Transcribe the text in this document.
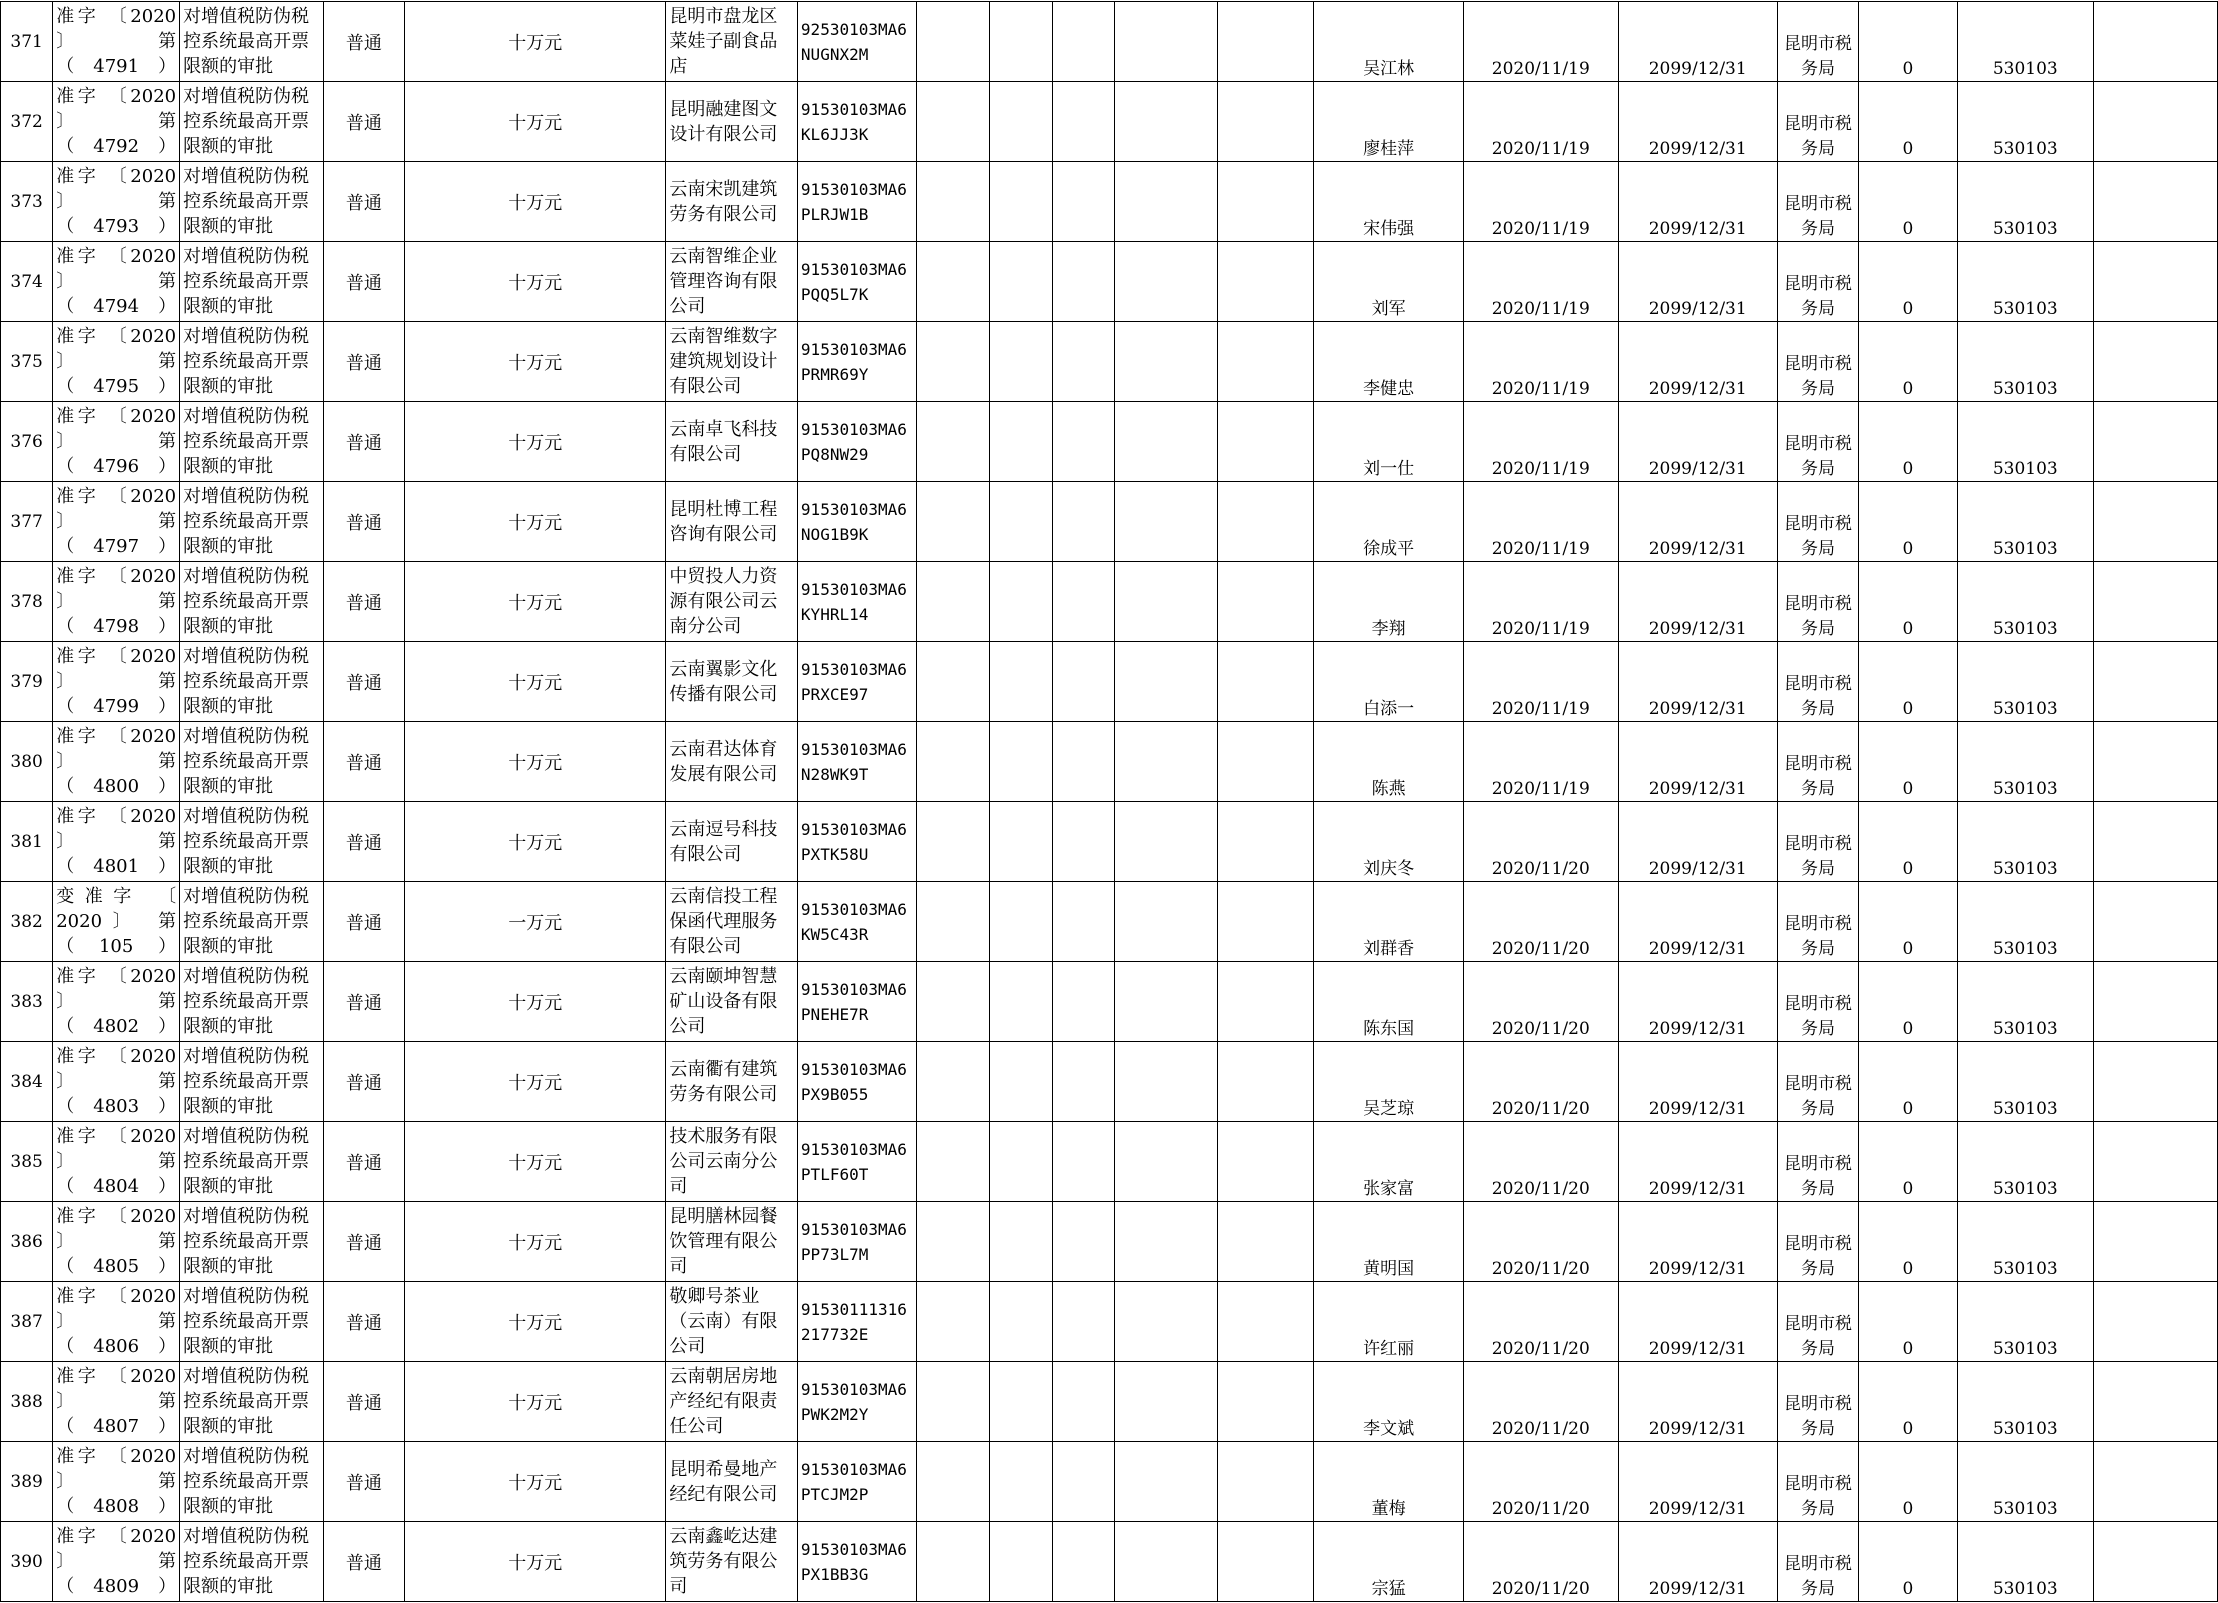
371	准字 〔2020
〕 第
（4791）	对增值税防伪税
控系统最高开票
限额的审批	普通	十万元	昆明市盘龙区
菜娃子副食品
店	92530103MA6
NUGNX2M						吴江林	2020/11/19	2099/12/31	昆明市税务局	0	530103	
372	准字 〔2020
〕 第
（4792）	对增值税防伪税
控系统最高开票
限额的审批	普通	十万元	昆明融建图文
设计有限公司	91530103MA6
KL6JJ3K						廖桂萍	2020/11/19	2099/12/31	昆明市税务局	0	530103	
373	准字 〔2020
〕 第
（4793）	对增值税防伪税
控系统最高开票
限额的审批	普通	十万元	云南宋凯建筑
劳务有限公司	91530103MA6
PLRJW1B						宋伟强	2020/11/19	2099/12/31	昆明市税务局	0	530103	
374	准字 〔2020
〕 第
（4794）	对增值税防伪税
控系统最高开票
限额的审批	普通	十万元	云南智维企业
管理咨询有限
公司	91530103MA6
PQQ5L7K						刘军	2020/11/19	2099/12/31	昆明市税务局	0	530103	
375	准字 〔2020
〕 第
（4795）	对增值税防伪税
控系统最高开票
限额的审批	普通	十万元	云南智维数字
建筑规划设计
有限公司	91530103MA6
PRMR69Y						李健忠	2020/11/19	2099/12/31	昆明市税务局	0	530103	
376	准字 〔2020
〕 第
（4796）	对增值税防伪税
控系统最高开票
限额的审批	普通	十万元	云南卓飞科技
有限公司	91530103MA6
PQ8NW29						刘一仕	2020/11/19	2099/12/31	昆明市税务局	0	530103	
377	准字 〔2020
〕 第
（4797）	对增值税防伪税
控系统最高开票
限额的审批	普通	十万元	昆明杜博工程
咨询有限公司	91530103MA6
NOG1B9K						徐成平	2020/11/19	2099/12/31	昆明市税务局	0	530103	
378	准字 〔2020
〕 第
（4798）	对增值税防伪税
控系统最高开票
限额的审批	普通	十万元	中贸投人力资
源有限公司云
南分公司	91530103MA6
KYHRL14						李翔	2020/11/19	2099/12/31	昆明市税务局	0	530103	
379	准字 〔2020
〕 第
（4799）	对增值税防伪税
控系统最高开票
限额的审批	普通	十万元	云南翼影文化
传播有限公司	91530103MA6
PRXCE97						白添一	2020/11/19	2099/12/31	昆明市税务局	0	530103	
380	准字 〔2020
〕 第
（4800）	对增值税防伪税
控系统最高开票
限额的审批	普通	十万元	云南君达体育
发展有限公司	91530103MA6
N28WK9T						陈燕	2020/11/19	2099/12/31	昆明市税务局	0	530103	
381	准字 〔2020
〕 第
（4801）	对增值税防伪税
控系统最高开票
限额的审批	普通	十万元	云南逗号科技
有限公司	91530103MA6
PXTK58U						刘庆冬	2020/11/20	2099/12/31	昆明市税务局	0	530103	
382	变准字 〔
2020〕 第
（105）	对增值税防伪税
控系统最高开票
限额的审批	普通	一万元	云南信投工程
保函代理服务
有限公司	91530103MA6
KW5C43R						刘群香	2020/11/20	2099/12/31	昆明市税务局	0	530103	
383	准字 〔2020
〕 第
（4802）	对增值税防伪税
控系统最高开票
限额的审批	普通	十万元	云南颐坤智慧
矿山设备有限
公司	91530103MA6
PNEHE7R						陈东国	2020/11/20	2099/12/31	昆明市税务局	0	530103	
384	准字 〔2020
〕 第
（4803）	对增值税防伪税
控系统最高开票
限额的审批	普通	十万元	云南衢有建筑
劳务有限公司	91530103MA6
PX9B055						吴芝琼	2020/11/20	2099/12/31	昆明市税务局	0	530103	
385	准字 〔2020
〕 第
（4804）	对增值税防伪税
控系统最高开票
限额的审批	普通	十万元	技术服务有限
公司云南分公
司	91530103MA6
PTLF60T						张家富	2020/11/20	2099/12/31	昆明市税务局	0	530103	
386	准字 〔2020
〕 第
（4805）	对增值税防伪税
控系统最高开票
限额的审批	普通	十万元	昆明膳林园餐
饮管理有限公
司	91530103MA6
PP73L7M						黄明国	2020/11/20	2099/12/31	昆明市税务局	0	530103	
387	准字 〔2020
〕 第
（4806）	对增值税防伪税
控系统最高开票
限额的审批	普通	十万元	敬卿号茶业
（云南）有限
公司	91530111316
217732E						许红丽	2020/11/20	2099/12/31	昆明市税务局	0	530103	
388	准字 〔2020
〕 第
（4807）	对增值税防伪税
控系统最高开票
限额的审批	普通	十万元	云南朝居房地
产经纪有限责
任公司	91530103MA6
PWK2M2Y						李文斌	2020/11/20	2099/12/31	昆明市税务局	0	530103	
389	准字 〔2020
〕 第
（4808）	对增值税防伪税
控系统最高开票
限额的审批	普通	十万元	昆明希曼地产
经纪有限公司	91530103MA6
PTCJM2P						董梅	2020/11/20	2099/12/31	昆明市税务局	0	530103	
390	准字 〔2020
〕 第
（4809）	对增值税防伪税
控系统最高开票
限额的审批	普通	十万元	云南鑫屹达建
筑劳务有限公
司	91530103MA6
PX1BB3G						宗猛	2020/11/20	2099/12/31	昆明市税务局	0	530103	
